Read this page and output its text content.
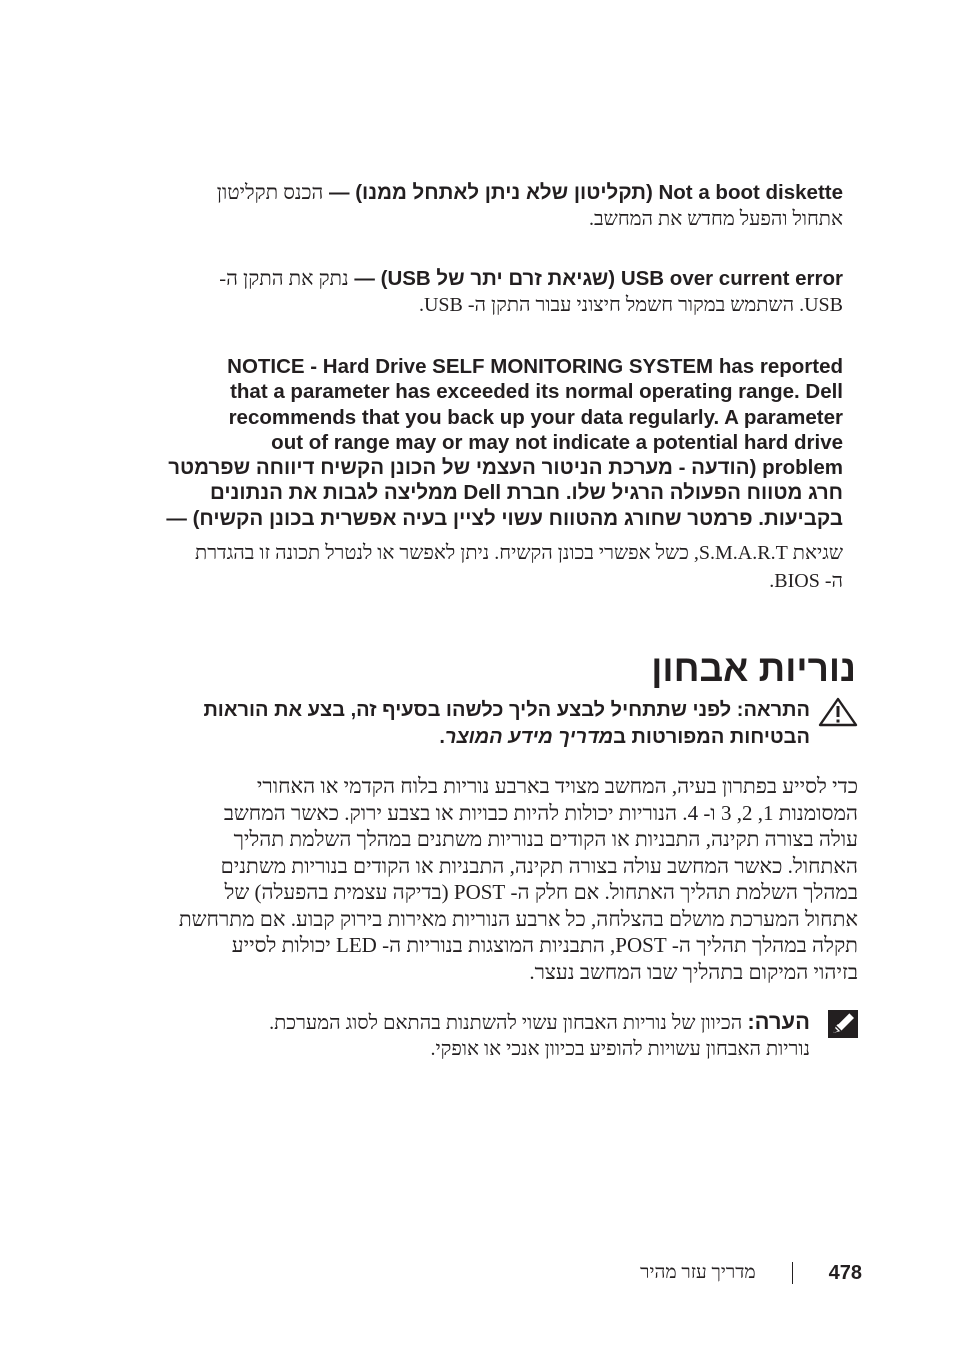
Not a boot diskette (תקליטון שלא ניתן לאתחל ממנו) — הכנס תקליטון
אתחול והפעל מחדש את המחשב.
USB over current error (שגיאת זרם יתר של USB) — נתק את התקן ה-
USB. השתמש במקור חשמל חיצוני עבור התקן ה- USB.
NOTICE - Hard Drive SELF MONITORING SYSTEM has reported
that a parameter has exceeded its normal operating range. Dell
recommends that you back up your data regularly. A parameter
out of range may or may not indicate a potential hard drive
problem (הודעה - מערכת הניטור העצמי של הכונן הקשיח דיווחה שפרמטר
חרג מטווח הפעולה הרגיל שלו. חברת Dell ממליצה לגבות את הנתונים
בקביעות. פרמטר שחורג מהטווח עשוי לציין בעיה אפשרית בכונן הקשיח) —
שגיאת S.M.A.R.T, כשל אפשרי בכונן הקשיח. ניתן לאפשר או לנטרל תכונה זו בהגדרת
ה- BIOS.
נוריות אבחון
התראה: לפני שתתחיל לבצע הליך כלשהו בסעיף זה, בצע את הוראות
הבטיחות המפורטות במדריך מידע המוצר.
כדי לסייע בפתרון בעיה, המחשב מצויד בארבע נוריות בלוח הקדמי או האחורי
המסומנות 1, 2, 3 ו- 4. הנוריות יכולות להיות כבויות או בצבע ירוק. כאשר המחשב
עולה בצורה תקינה, התבניות או הקודים בנוריות משתנים במהלך השלמת תהליך
האתחול. כאשר המחשב עולה בצורה תקינה, התבניות או הקודים בנוריות משתנים
במהלך השלמת תהליך האתחול. אם חלק ה- POST (בדיקה עצמית בהפעלה) של
אתחול המערכת מושלם בהצלחה, כל ארבע הנוריות מאירות בירוק קבוע. אם מתרחשת
תקלה במהלך תהליך ה- POST, התבניות המוצגות בנוריות ה- LED יכולות לסייע
בזיהוי המיקום בתהליך שבו המחשב נעצר.
הערה: הכיוון של נוריות האבחון עשוי להשתנות בהתאם לסוג המערכת.
נוריות האבחון עשויות להופיע בכיוון אנכי או אופקי.
478
מדריך עזר מהיר
